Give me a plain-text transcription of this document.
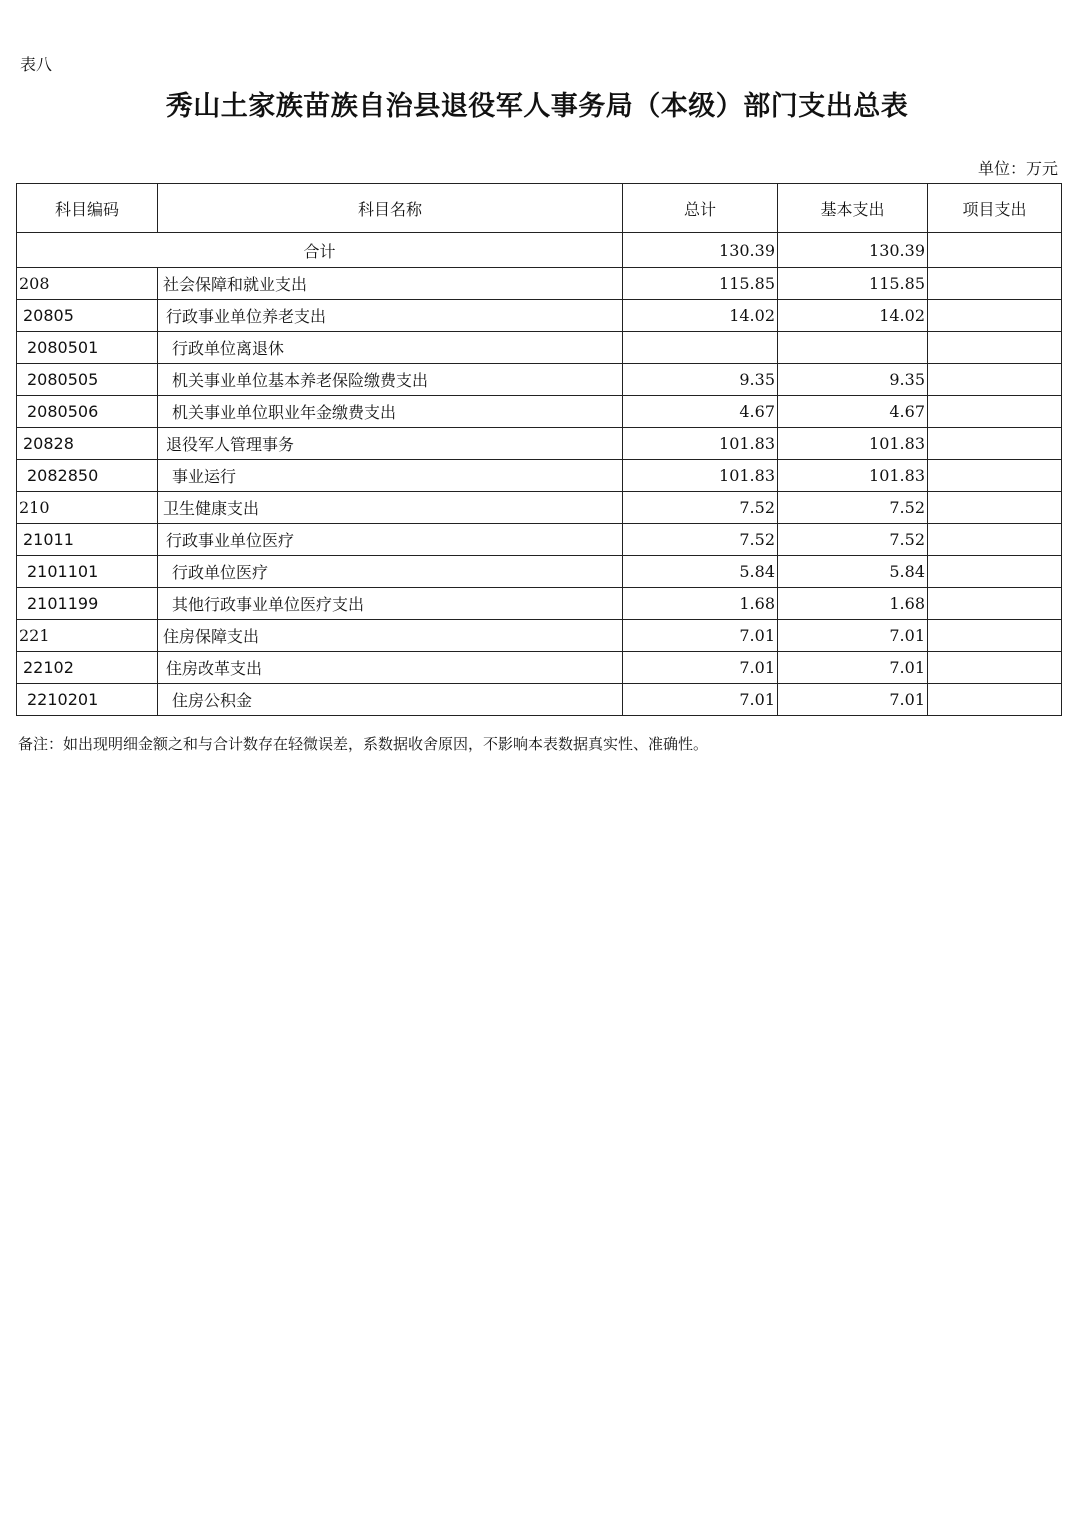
表八
秀山土家族苗族自治县退役军人事务局（本级）部门支出总表
单位：万元
科目编码	科目名称	总计	基本支出	项目支出
合计		130.39	130.39	
208	社会保障和就业支出	115.85	115.85	
20805	行政事业单位养老支出	14.02	14.02	
2080501	行政单位离退休			
2080505	机关事业单位基本养老保险缴费支出	9.35	9.35	
2080506	机关事业单位职业年金缴费支出	4.67	4.67	
20828	退役军人管理事务	101.83	101.83	
2082850	事业运行	101.83	101.83	
210	卫生健康支出	7.52	7.52	
21011	行政事业单位医疗	7.52	7.52	
2101101	行政单位医疗	5.84	5.84	
2101199	其他行政事业单位医疗支出	1.68	1.68	
221	住房保障支出	7.01	7.01	
22102	住房改革支出	7.01	7.01	
2210201	住房公积金	7.01	7.01	
备注：如出现明细金额之和与合计数存在轻微误差，系数据收舍原因，不影响本表数据真实性、准确性。
